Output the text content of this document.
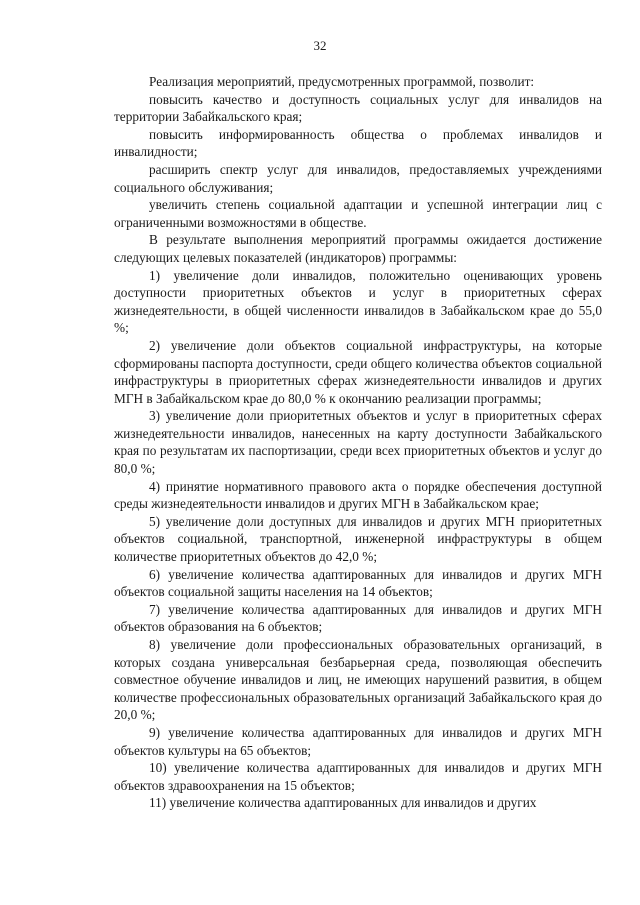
32

Реализация мероприятий, предусмотренных программой, позволит:

повысить качество и доступность социальных услуг для инвалидов на территории Забайкальского края;

повысить информированность общества о проблемах инвалидов и инвалидности;

расширить спектр услуг для инвалидов, предоставляемых учреждениями социального обслуживания;

увеличить степень социальной адаптации и успешной интеграции лиц с ограниченными возможностями в обществе.

В результате выполнения мероприятий программы ожидается достижение следующих целевых показателей (индикаторов) программы:

1) увеличение доли инвалидов, положительно оценивающих уровень доступности приоритетных объектов и услуг в приоритетных сферах жизнедеятельности, в общей численности инвалидов в Забайкальском крае до 55,0 %;

2) увеличение доли объектов социальной инфраструктуры, на которые сформированы паспорта доступности, среди общего количества объектов социальной инфраструктуры в приоритетных сферах жизнедеятельности инвалидов и других МГН в Забайкальском крае до 80,0 % к окончанию реализации программы;

3) увеличение доли приоритетных объектов и услуг в приоритетных сферах жизнедеятельности инвалидов, нанесенных на карту доступности Забайкальского края по результатам их паспортизации, среди всех приоритетных объектов и услуг до 80,0 %;

4) принятие нормативного правового акта о порядке обеспечения доступной среды жизнедеятельности инвалидов и других МГН в Забайкальском крае;

5) увеличение доли доступных для инвалидов и других МГН приоритетных объектов социальной, транспортной, инженерной инфраструктуры в общем количестве приоритетных объектов до 42,0 %;

6) увеличение количества адаптированных для инвалидов и других МГН объектов социальной защиты населения на 14 объектов;

7) увеличение количества адаптированных для инвалидов и других МГН объектов образования на 6 объектов;

8) увеличение доли профессиональных образовательных организаций, в которых создана универсальная безбарьерная среда, позволяющая обеспечить совместное обучение инвалидов и лиц, не имеющих нарушений развития, в общем количестве профессиональных образовательных организаций Забайкальского края до 20,0 %;

9) увеличение количества адаптированных для инвалидов и других МГН объектов культуры на 65 объектов;

10) увеличение количества адаптированных для инвалидов и других МГН объектов здравоохранения на 15 объектов;

11) увеличение количества адаптированных для инвалидов и других
